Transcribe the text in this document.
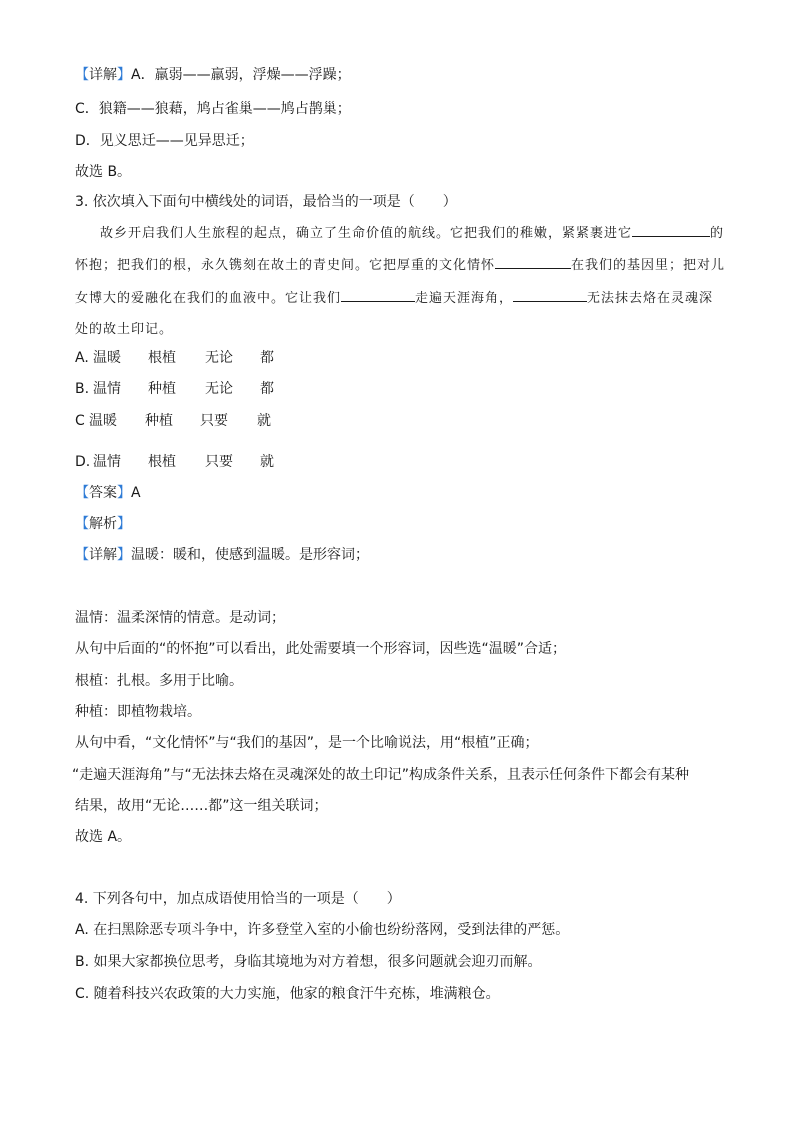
【详解】A．羸弱——羸弱，浮燥——浮躁；
C．狼籍——狼藉，鸠占雀巢——鸠占鹊巢；
D．见义思迁——见异思迁；
故选 B。
3. 依次填入下面句中横线处的词语，最恰当的一项是（　　）
故乡开启我们人生旅程的起点，确立了生命价值的航线。它把我们的稚嫩，紧紧裹进它	的
怀抱；把我们的根，永久镌刻在故土的青史间。它把厚重的文化情怀	在我们的基因里；把对儿
女博大的爱融化在我们的血液中。它让我们	走遍天涯海角，	无法抹去烙在灵魂深
处的故土印记。
A. 温暖 根植 无论 都
B. 温情 种植 无论 都
C 温暖 种植 只要 就
D. 温情 根植 只要 就
【答案】A
【解析】
【详解】温暖：暖和，使感到温暖。是形容词；
温情：温柔深情的情意。是动词；
从句中后面的“的怀抱”可以看出，此处需要填一个形容词，因些选“温暖”合适；
根植：扎根。多用于比喻。
种植：即植物栽培。
从句中看，“文化情怀”与“我们的基因”，是一个比喻说法，用“根植”正确；
“走遍天涯海角”与“无法抹去烙在灵魂深处的故土印记”构成条件关系，且表示任何条件下都会有某种
结果，故用“无论……都”这一组关联词；
故选 A。
4. 下列各句中，加点成语使用恰当的一项是（　　）
A. 在扫黑除恶专项斗争中，许多登堂入室的小偷也纷纷落网，受到法律的严惩。
B. 如果大家都换位思考，身临其境地为对方着想，很多问题就会迎刃而解。
C. 随着科技兴农政策的大力实施，他家的粮食汗牛充栋，堆满粮仓。
